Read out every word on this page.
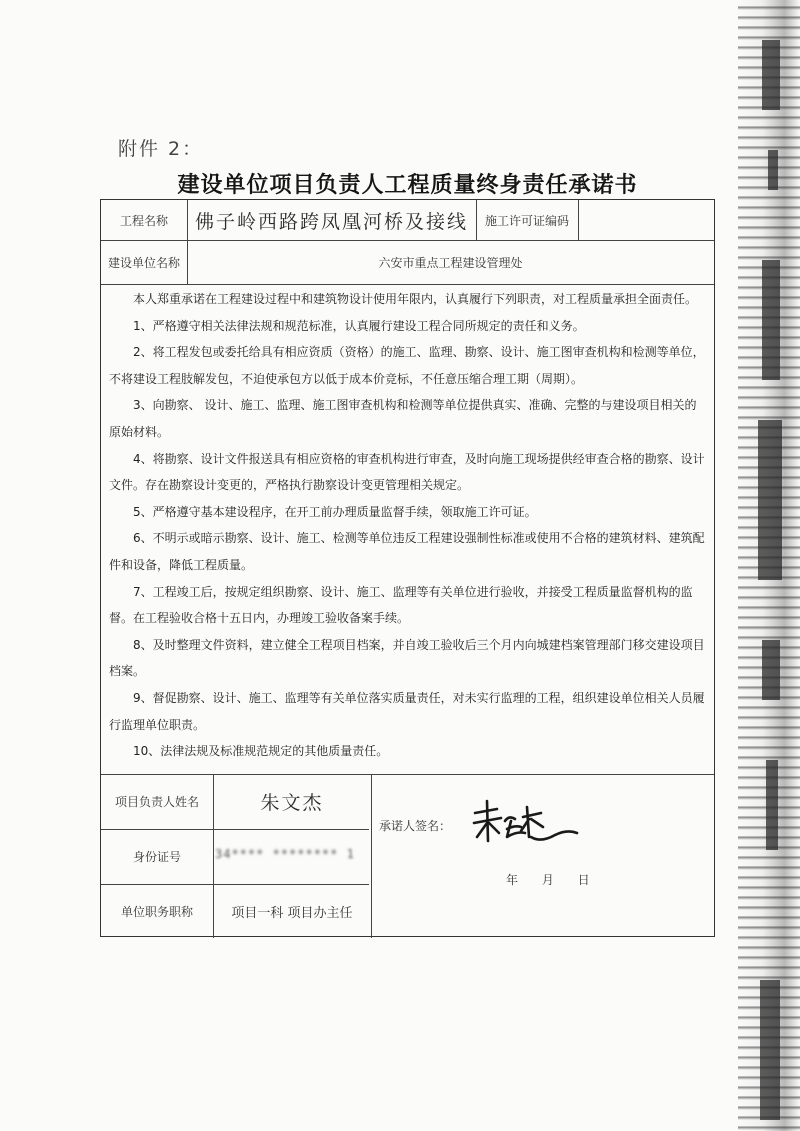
附件 2：
建设单位项目负责人工程质量终身责任承诺书
工程名称	佛子岭西路跨凤凰河桥及接线	施工许可证编码
建设单位名称	六安市重点工程建设管理处

本人郑重承诺在工程建设过程中和建筑物设计使用年限内，认真履行下列职责，对工程质量承担全面责任。

1、严格遵守相关法律法规和规范标准，认真履行建设工程合同所规定的责任和义务。

2、将工程发包或委托给具有相应资质（资格）的施工、监理、勘察、设计、施工图审查机构和检测等单位，不将建设工程肢解发包，不迫使承包方以低于成本价竞标，不任意压缩合理工期（周期）。

3、向勘察、 设计、施工、监理、施工图审查机构和检测等单位提供真实、准确、完整的与建设项目相关的原始材料。

4、将勘察、设计文件报送具有相应资格的审查机构进行审查，及时向施工现场提供经审查合格的勘察、设计文件。存在勘察设计变更的，严格执行勘察设计变更管理相关规定。

5、严格遵守基本建设程序，在开工前办理质量监督手续，领取施工许可证。

6、不明示或暗示勘察、设计、施工、检测等单位违反工程建设强制性标准或使用不合格的建筑材料、建筑配件和设备，降低工程质量。

7、工程竣工后，按规定组织勘察、设计、施工、监理等有关单位进行验收，并接受工程质量监督机构的监督。在工程验收合格十五日内，办理竣工验收备案手续。

8、及时整理文件资料，建立健全工程项目档案，并自竣工验收后三个月内向城建档案管理部门移交建设项目档案。

9、督促勘察、设计、施工、监理等有关单位落实质量责任，对未实行监理的工程，组织建设单位相关人员履行监理单位职责。

10、法律法规及标准规范规定的其他质量责任。

项目负责人姓名	朱文杰
身份证号	34**** ******** 1
单位职务职称	项目一科 项目办主任
承诺人签名：
年 月 日
